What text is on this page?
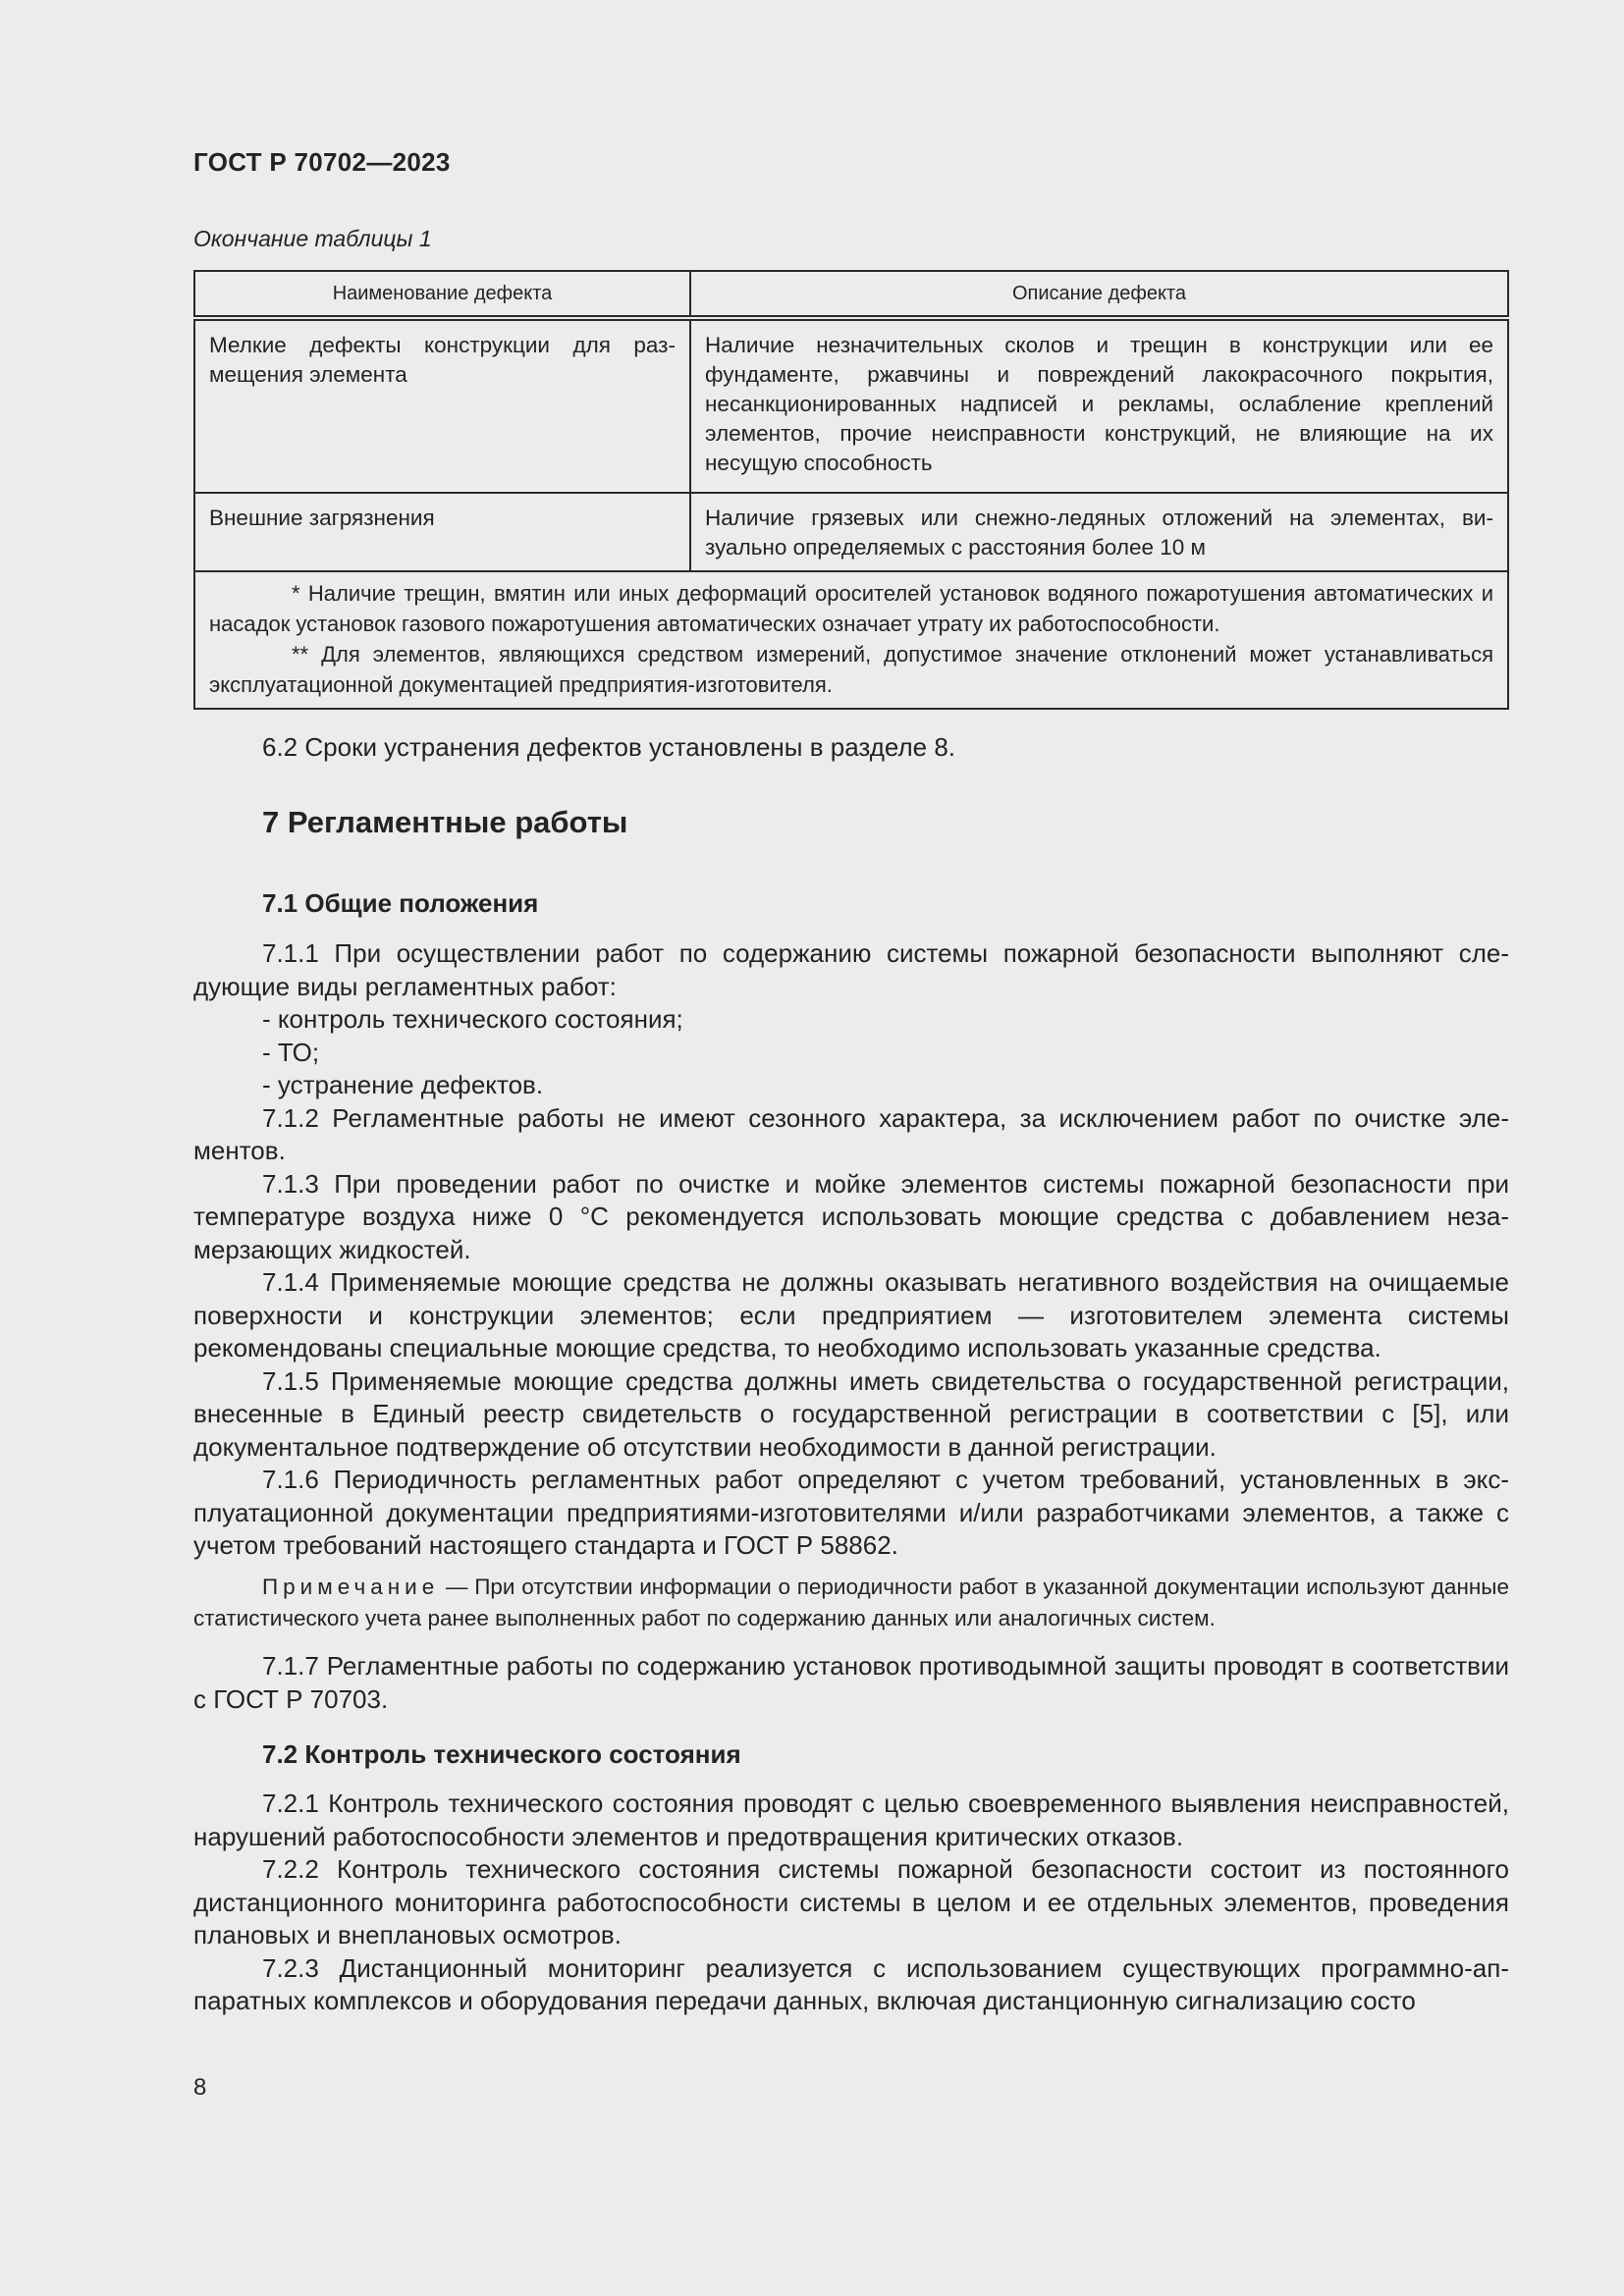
ГОСТ Р 70702—2023
Окончание таблицы 1
Наименование дефекта	Описание дефекта
Мелкие дефекты конструкции для размещения элемента	Наличие незначительных сколов и трещин в конструкции или ее фундаменте, ржавчины и повреждений лакокрасочного покрытия, несанкционированных надписей и рекламы, ослабление креплений элементов, прочие неисправности конструкций, не влияющие на их несущую способность
Внешние загрязнения	Наличие грязевых или снежно-ледяных отложений на элементах, визуально определяемых с расстояния более 10 м

* Наличие трещин, вмятин или иных деформаций оросителей установок водяного пожаротушения автоматических и насадок установок газового пожаротушения автоматических означает утрату их работоспособности.

** Для элементов, являющихся средством измерений, допустимое значение отклонений может устанавливаться эксплуатационной документацией предприятия-изготовителя.	

6.2 Сроки устранения дефектов установлены в разделе 8.

7 Регламентные работы
7.1 Общие положения

7.1.1 При осуществлении работ по содержанию системы пожарной безопасности выполняют следующие виды регламентных работ:

- контроль технического состояния;

- ТО;

- устранение дефектов.

7.1.2 Регламентные работы не имеют сезонного характера, за исключением работ по очистке элементов.

7.1.3 При проведении работ по очистке и мойке элементов системы пожарной безопасности при температуре воздуха ниже 0 °С рекомендуется использовать моющие средства с добавлением незамерзающих жидкостей.

7.1.4 Применяемые моющие средства не должны оказывать негативного воздействия на очищаемые поверхности и конструкции элементов; если предприятием — изготовителем элемента системы рекомендованы специальные моющие средства, то необходимо использовать указанные средства.

7.1.5 Применяемые моющие средства должны иметь свидетельства о государственной регистрации, внесенные в Единый реестр свидетельств о государственной регистрации в соответствии с [5], или документальное подтверждение об отсутствии необходимости в данной регистрации.

7.1.6 Периодичность регламентных работ определяют с учетом требований, установленных в эксплуатационной документации предприятиями-изготовителями и/или разработчиками элементов, а также с учетом требований настоящего стандарта и ГОСТ Р 58862.

Примечание — При отсутствии информации о периодичности работ в указанной документации используют данные статистического учета ранее выполненных работ по содержанию данных или аналогичных систем.

7.1.7 Регламентные работы по содержанию установок противодымной защиты проводят в соответствии с ГОСТ Р 70703.

7.2 Контроль технического состояния

7.2.1 Контроль технического состояния проводят с целью своевременного выявления неисправностей, нарушений работоспособности элементов и предотвращения критических отказов.

7.2.2 Контроль технического состояния системы пожарной безопасности состоит из постоянного дистанционного мониторинга работоспособности системы в целом и ее отдельных элементов, проведения плановых и внеплановых осмотров.

7.2.3 Дистанционный мониторинг реализуется с использованием существующих программно-аппаратных комплексов и оборудования передачи данных, включая дистанционную сигнализацию состо

8
